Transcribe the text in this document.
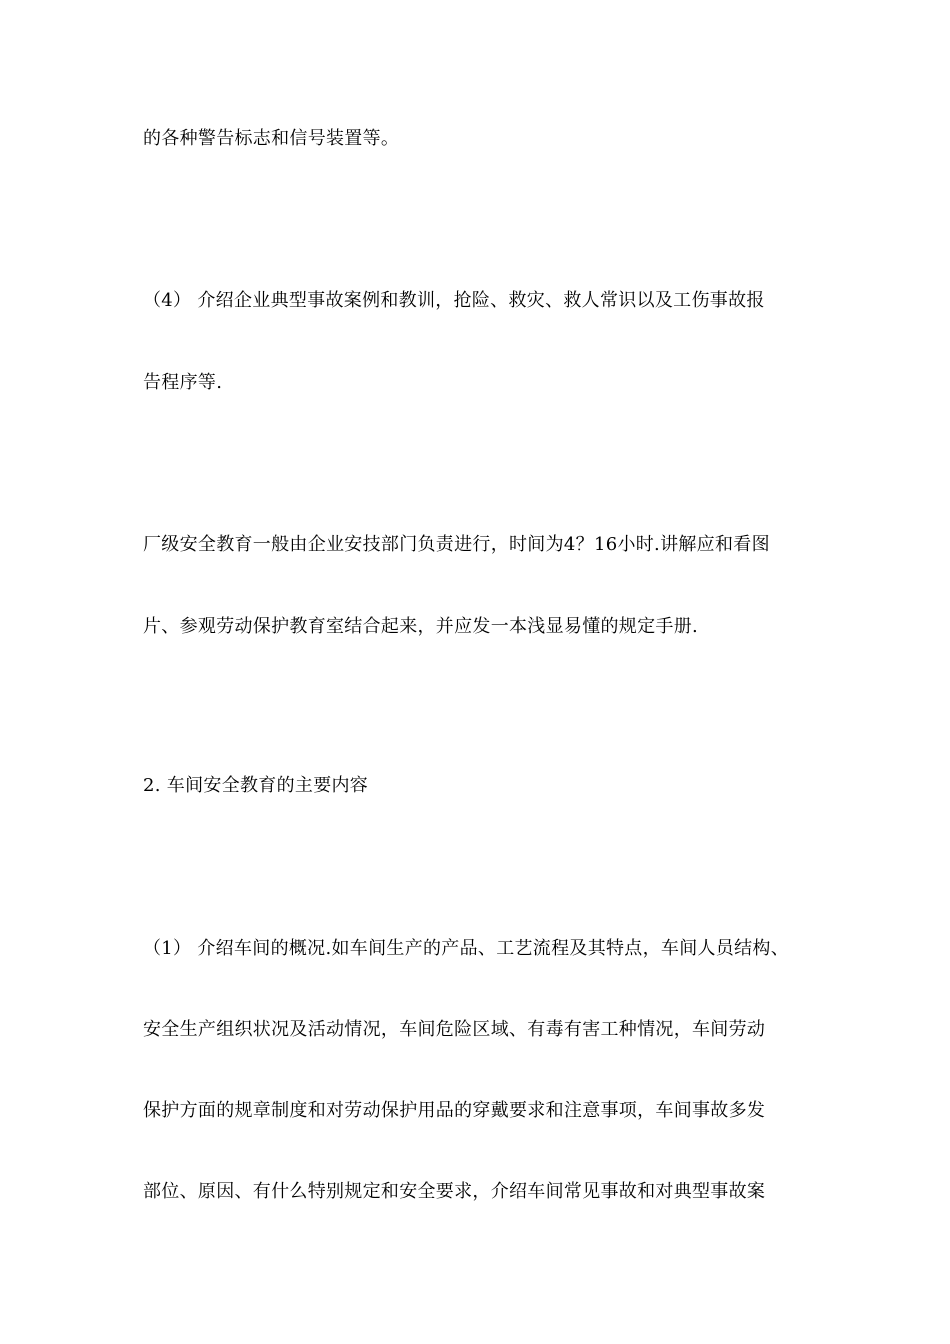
的各种警告标志和信号装置等。
（4） 介绍企业典型事故案例和教训，抢险、救灾、救人常识以及工伤事故报
告程序等.
厂级安全教育一般由企业安技部门负责进行，时间为4？16小时.讲解应和看图
片、参观劳动保护教育室结合起来，并应发一本浅显易懂的规定手册.
2. 车间安全教育的主要内容
（1） 介绍车间的概况.如车间生产的产品、工艺流程及其特点，车间人员结构、
安全生产组织状况及活动情况，车间危险区域、有毒有害工种情况，车间劳动
保护方面的规章制度和对劳动保护用品的穿戴要求和注意事项，车间事故多发
部位、原因、有什么特别规定和安全要求，介绍车间常见事故和对典型事故案
